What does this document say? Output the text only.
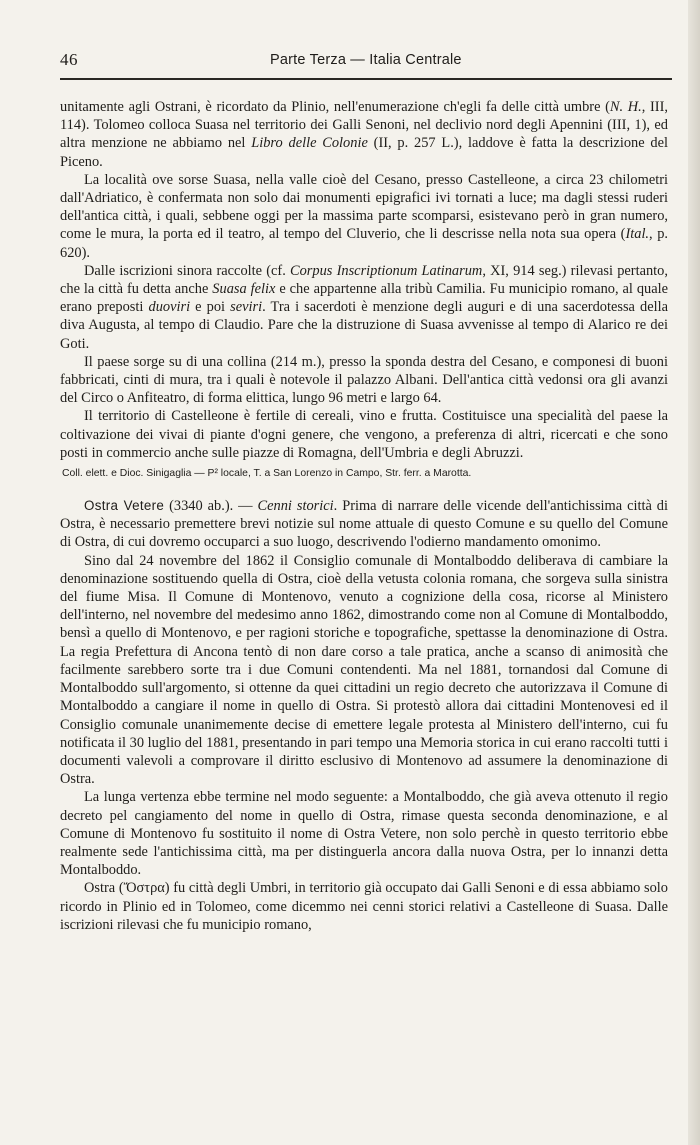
46	Parte Terza — Italia Centrale

unitamente agli Ostrani, è ricordato da Plinio, nell'enumerazione ch'egli fa delle città umbre (N. H., III, 114). Tolomeo colloca Suasa nel territorio dei Galli Senoni, nel declivio nord degli Apennini (III, 1), ed altra menzione ne abbiamo nel Libro delle Colonie (II, p. 257 L.), laddove è fatta la descrizione del Piceno.

La località ove sorse Suasa, nella valle cioè del Cesano, presso Castelleone, a circa 23 chilometri dall'Adriatico, è confermata non solo dai monumenti epigrafici ivi tornati a luce; ma dagli stessi ruderi dell'antica città, i quali, sebbene oggi per la massima parte scomparsi, esistevano però in gran numero, come le mura, la porta ed il teatro, al tempo del Cluverio, che li descrisse nella nota sua opera (Ital., p. 620).

Dalle iscrizioni sinora raccolte (cf. Corpus Inscriptionum Latinarum, XI, 914 seg.) rilevasi pertanto, che la città fu detta anche Suasa felix e che appartenne alla tribù Camilia. Fu municipio romano, al quale erano preposti duoviri e poi seviri. Tra i sacerdoti è menzione degli auguri e di una sacerdotessa della diva Augusta, al tempo di Claudio. Pare che la distruzione di Suasa avvenisse al tempo di Alarico re dei Goti.

Il paese sorge su di una collina (214 m.), presso la sponda destra del Cesano, e componesi di buoni fabbricati, cinti di mura, tra i quali è notevole il palazzo Albani. Dell'antica città vedonsi ora gli avanzi del Circo o Anfiteatro, di forma elittica, lungo 96 metri e largo 64.

Il territorio di Castelleone è fertile di cereali, vino e frutta. Costituisce una specialità del paese la coltivazione dei vivai di piante d'ogni genere, che vengono, a preferenza di altri, ricercati e che sono posti in commercio anche sulle piazze di Romagna, dell'Umbria e degli Abruzzi.

Coll. elett. e Dioc. Sinigaglia — P² locale, T. a San Lorenzo in Campo, Str. ferr. a Marotta.

Ostra Vetere (3340 ab.). — Cenni storici. Prima di narrare delle vicende dell'antichissima città di Ostra, è necessario premettere brevi notizie sul nome attuale di questo Comune e su quello del Comune di Ostra, di cui dovremo occuparci a suo luogo, descrivendo l'odierno mandamento omonimo.

Sino dal 24 novembre del 1862 il Consiglio comunale di Montalboddo deliberava di cambiare la denominazione sostituendo quella di Ostra, cioè della vetusta colonia romana, che sorgeva sulla sinistra del fiume Misa. Il Comune di Montenovo, venuto a cognizione della cosa, ricorse al Ministero dell'interno, nel novembre del medesimo anno 1862, dimostrando come non al Comune di Montalboddo, bensì a quello di Montenovo, e per ragioni storiche e topografiche, spettasse la denominazione di Ostra. La regia Prefettura di Ancona tentò di non dare corso a tale pratica, anche a scanso di animosità che facilmente sarebbero sorte tra i due Comuni contendenti. Ma nel 1881, tornandosi dal Comune di Montalboddo sull'argomento, si ottenne da quei cittadini un regio decreto che autorizzava il Comune di Montalboddo a cangiare il nome in quello di Ostra. Si protestò allora dai cittadini Montenovesi ed il Consiglio comunale unanimemente decise di emettere legale protesta al Ministero dell'interno, cui fu notificata il 30 luglio del 1881, presentando in pari tempo una Memoria storica in cui erano raccolti tutti i documenti valevoli a comprovare il diritto esclusivo di Montenovo ad assumere la denominazione di Ostra.

La lunga vertenza ebbe termine nel modo seguente: a Montalboddo, che già aveva ottenuto il regio decreto pel cangiamento del nome in quello di Ostra, rimase questa seconda denominazione, e al Comune di Montenovo fu sostituito il nome di Ostra Vetere, non solo perchè in questo territorio ebbe realmente sede l'antichissima città, ma per distinguerla ancora dalla nuova Ostra, per lo innanzi detta Montalboddo.

Ostra (Ὄστρα) fu città degli Umbri, in territorio già occupato dai Galli Senoni e di essa abbiamo solo ricordo in Plinio ed in Tolomeo, come dicemmo nei cenni storici relativi a Castelleone di Suasa. Dalle iscrizioni rilevasi che fu municipio romano,
